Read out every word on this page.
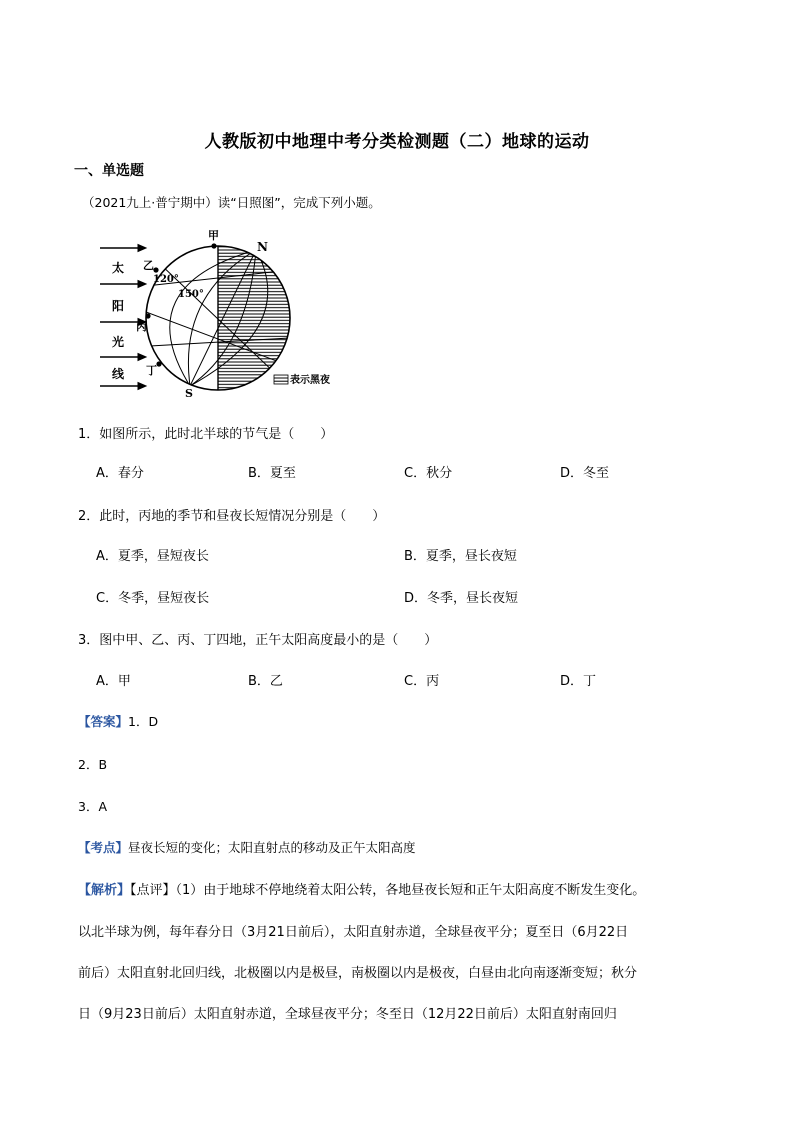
人教版初中地理中考分类检测题（二）地球的运动
一、单选题
（2021九上·普宁期中）读“日照图”，完成下列小题。
太
阳
光
线
甲
乙
丙
丁
N
S
120°
150°
表示黑夜
1．如图所示，此时北半球的节气是（　　）
A．春分	B．夏至	C．秋分	D．冬至
2．此时，丙地的季节和昼夜长短情况分别是（　　）
A．夏季，昼短夜长	B．夏季，昼长夜短
C．冬季，昼短夜长	D．冬季，昼长夜短
3．图中甲、乙、丙、丁四地，正午太阳高度最小的是（　　）
A．甲	B．乙	C．丙	D．丁
【答案】1．D
2．B
3．A
【考点】昼夜长短的变化；太阳直射点的移动及正午太阳高度
【解析】【点评】（1）由于地球不停地绕着太阳公转，各地昼夜长短和正午太阳高度不断发生变化。
以北半球为例，每年春分日（3月21日前后），太阳直射赤道，全球昼夜平分；夏至日（6月22日
前后）太阳直射北回归线，北极圈以内是极昼，南极圈以内是极夜，白昼由北向南逐渐变短；秋分
日（9月23日前后）太阳直射赤道，全球昼夜平分；冬至日（12月22日前后）太阳直射南回归
